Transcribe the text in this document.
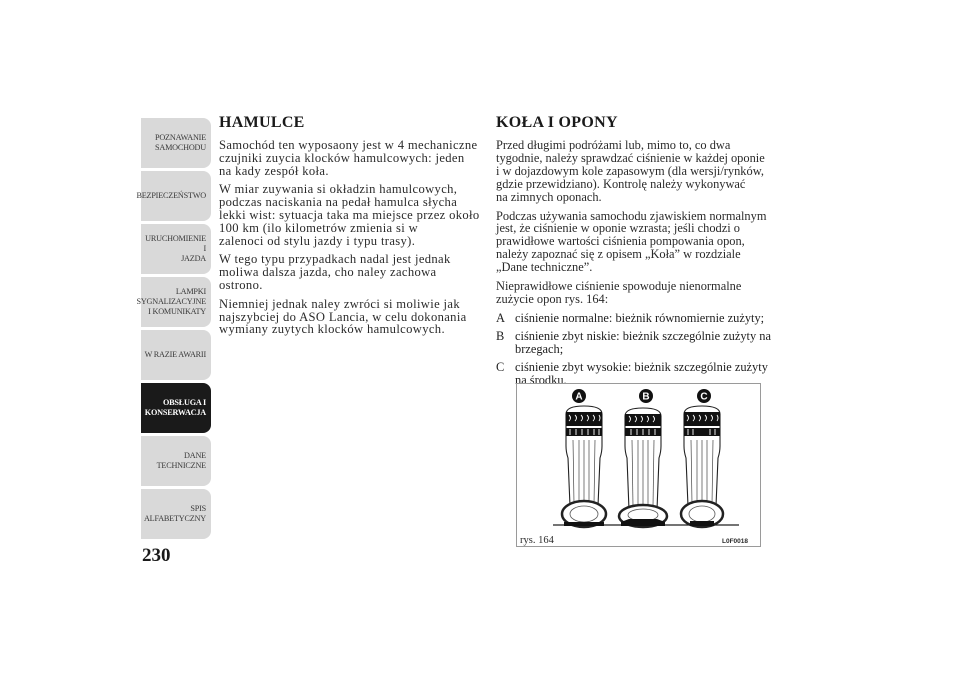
POZNAWANIE
SAMOCHODU
BEZPIECZEŃSTWO
URUCHOMIENIE I
JAZDA
LAMPKI
SYGNALIZACYJNE
I KOMUNIKATY
W RAZIE AWARII
OBSŁUGA I
KONSERWACJA
DANE
TECHNICZNE
SPIS
ALFABETYCZNY
230
HAMULCE

Samochód ten wyposaony jest w 4 mechaniczne
czujniki zuycia klocków hamulcowych: jeden
na kady zespół koła.

W miar zuywania si okładzin hamulcowych,
podczas naciskania na pedał hamulca słycha
lekki wist: sytuacja taka ma miejsce przez około
100 km (ilo kilometrów zmienia si w
zalenoci od stylu jazdy i typu trasy).

W tego typu przypadkach nadal jest jednak
moliwa dalsza jazda, cho naley zachowa
ostrono.

Niemniej jednak naley zwróci si moliwie jak
najszybciej do ASO Lancia, w celu dokonania
wymiany zuytych klocków hamulcowych.

KOŁA I OPONY

Przed długimi podróżami lub, mimo to, co dwa
tygodnie, należy sprawdzać ciśnienie w każdej oponie
i w dojazdowym kole zapasowym (dla wersji/rynków,
gdzie przewidziano). Kontrolę należy wykonywać
na zimnych oponach.

Podczas używania samochodu zjawiskiem normalnym
jest, że ciśnienie w oponie wzrasta; jeśli chodzi o
prawidłowe wartości ciśnienia pompowania opon,
należy zapoznać się z opisem „Koła” w rozdziale
„Dane techniczne”.

Nieprawidłowe ciśnienie spowoduje nienormalne
zużycie opon rys. 164:

A ciśnienie normalne: bieżnik równomiernie zużyty;
B ciśnienie zbyt niskie: bieżnik szczególnie zużyty na
brzegach;
C ciśnienie zbyt wysokie: bieżnik szczególnie zużyty
na środku.
A	B	C
rys. 164	L0F0018
